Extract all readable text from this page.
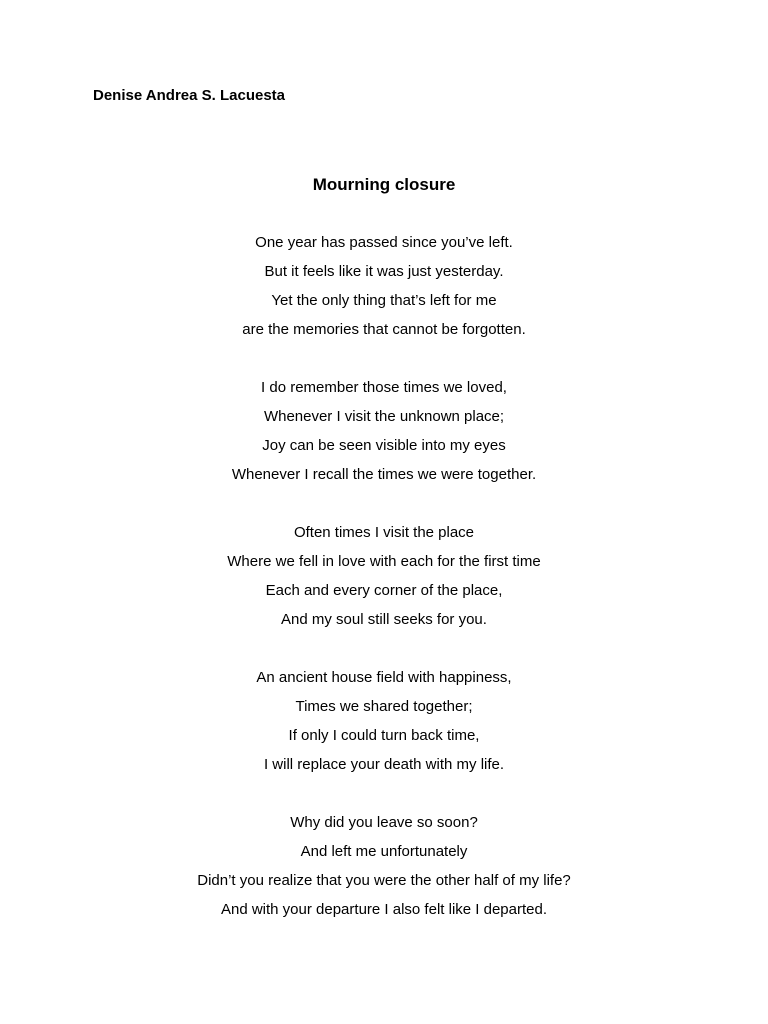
Denise Andrea S. Lacuesta
Mourning closure
One year has passed since you’ve left.
But it feels like it was just yesterday.
Yet the only thing that’s left for me
are the memories that cannot be forgotten.
I do remember those times we loved,
Whenever I visit the unknown place;
Joy can be seen visible into my eyes
Whenever I recall the times we were together.
Often times I visit the place
Where we fell in love with each for the first time
Each and every corner of the place,
And my soul still seeks for you.
An ancient house field with happiness,
Times we shared together;
If only I could turn back time,
I will replace your death with my life.
Why did you leave so soon?
And left me unfortunately
Didn’t you realize that you were the other half of my life?
And with your departure I also felt like I departed.
